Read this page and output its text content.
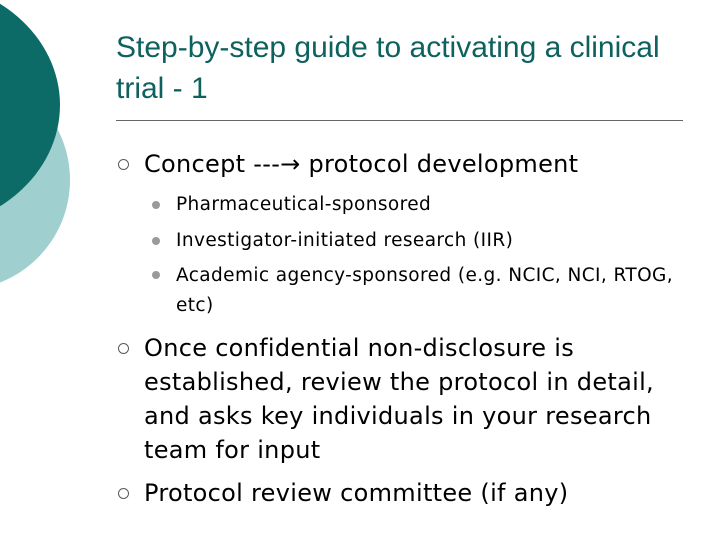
Step-by-step guide to activating a clinical trial - 1
Concept ---→ protocol development
Pharmaceutical-sponsored
Investigator-initiated research (IIR)
Academic agency-sponsored (e.g. NCIC, NCI, RTOG, etc)
Once confidential non-disclosure is established, review the protocol in detail, and asks key individuals in your research team for input
Protocol review committee (if any)
